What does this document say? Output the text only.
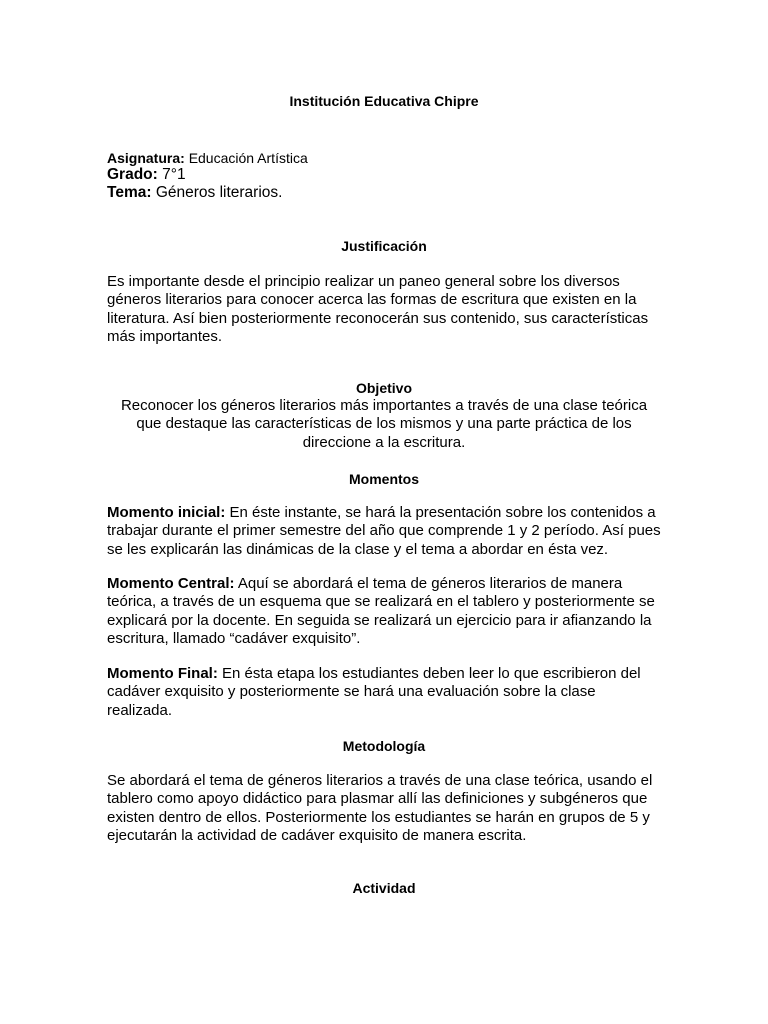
Institución Educativa Chipre
Asignatura: Educación Artística
Grado: 7°1
Tema: Géneros literarios.
Justificación

Es importante desde el principio realizar un paneo general sobre los diversos géneros literarios para conocer acerca las formas de escritura que existen en la literatura. Así bien posteriormente reconocerán sus contenido, sus características más importantes.

Objetivo

Reconocer los géneros literarios más importantes a través de una clase teórica que destaque las características de los mismos y una parte práctica de los direccione a la escritura.

Momentos

Momento inicial: En éste instante, se hará la presentación sobre los contenidos a trabajar durante el primer semestre del año que comprende 1 y 2 período. Así pues se les explicarán las dinámicas de la clase y el tema a abordar en ésta vez.

Momento Central: Aquí se abordará el tema de géneros literarios de manera teórica, a través de un esquema que se realizará en el tablero y posteriormente se explicará por la docente. En seguida se realizará un ejercicio para ir afianzando la escritura, llamado “cadáver exquisito”.

Momento Final: En ésta etapa los estudiantes deben leer lo que escribieron del cadáver exquisito y posteriormente se hará una evaluación sobre la clase realizada.

Metodología

Se abordará el tema de géneros literarios a través de una clase teórica, usando el tablero como apoyo didáctico para plasmar allí las definiciones y subgéneros que existen dentro de ellos. Posteriormente los estudiantes se harán en grupos de 5 y ejecutarán la actividad de cadáver exquisito de manera escrita.

Actividad
